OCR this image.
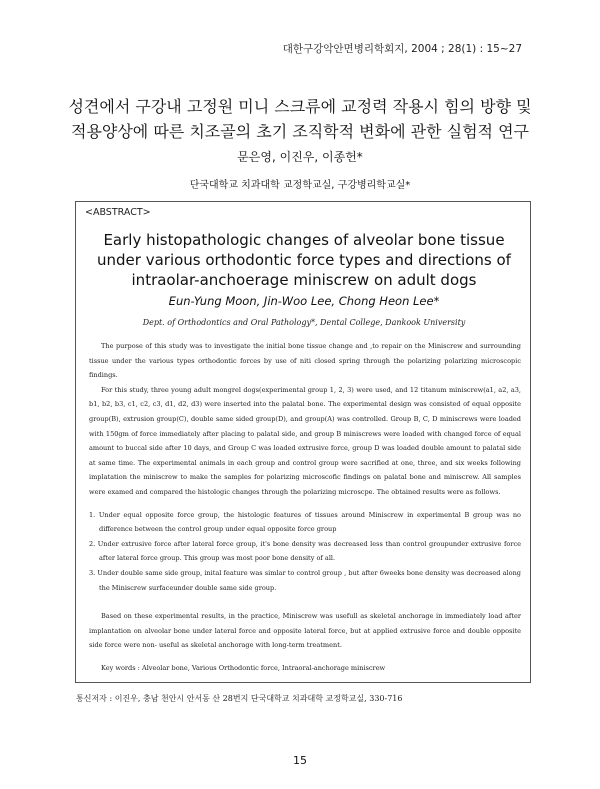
대한구강악안면병리학회지, 2004 ; 28(1) : 15~27
성견에서 구강내 고정원 미니 스크류에 교정력 작용시 힘의 방향 및
적용양상에 따른 치조골의 초기 조직학적 변화에 관한 실험적 연구
문은영, 이진우, 이종헌*
단국대학교 치과대학 교정학교실, 구강병리학교실*
<ABSTRACT>
Early histopathologic changes of alveolar bone tissue under various orthodontic force types and directions of intraolar-anchoerage miniscrew on adult dogs
Eun-Yung Moon, Jin-Woo Lee, Chong Heon Lee*
Dept. of Orthodontics and Oral Pathology*, Dental College, Dankook University

The purpose of this study was to investigate the initial bone tissue change and ,to repair on the Miniscrew and surrounding tissue under the various types orthodontic forces by use of niti closed spring through the polarizing polarizing microscopic findings.

For this study, three young adult mongrel dogs(experimental group 1, 2, 3) were used, and 12 titanum miniscrew(a1, a2, a3, b1, b2, b3, c1, c2, c3, d1, d2, d3) were inserted into the palatal bone. The experimental design was consisted of equal opposite group(B), extrusion group(C), double same sided group(D), and group(A) was controlled. Group B, C, D miniscrews were loaded with 150gm of force immediately after placing to palatal side, and group B miniscrews were loaded with changed force of equal amount to buccal side after 10 days, and Group C was loaded extrusive force, group D was loaded double amount to palatal side at same time. The experimental animals in each group and control group were sacrified at one, three, and six weeks following implatation the miniscrew to make the samples for polarizing microscofic findings on palatal bone and miniscrew. All samples were examed and compared the histologic changes through the polarizing microscpe. The obtained results were as follows.

1. Under equal opposite force group, the histologic features of tissues around Miniscrew in experimental B group was no difference between the control group under equal opposite force group
2. Under extrusive force after lateral force group, it's bone density was decreased less than control groupunder extrusive force after lateral force group. This group was most poor bone density of all.
3. Under double same side group, inital feature was simlar to control group , but after 6weeks bone density was decreased along the Miniscrew surfaceunder double same side group.

Based on these experimental results, in the practice, Miniscrew was usefull as skeletal anchorage in immediately load after implantation on alveolar bone under lateral force and opposite lateral force, but at applied extrusive force and double opposite side force were non- useful as skeletal anchorage with long-term treatment.

Key words : Alveolar bone, Various Orthodontic force, Intraoral-anchorage miniscrew

통신저자 : 이진우, 충남 천안시 안서동 산 28번지 단국대학교 치과대학 교정학교실, 330-716
15
